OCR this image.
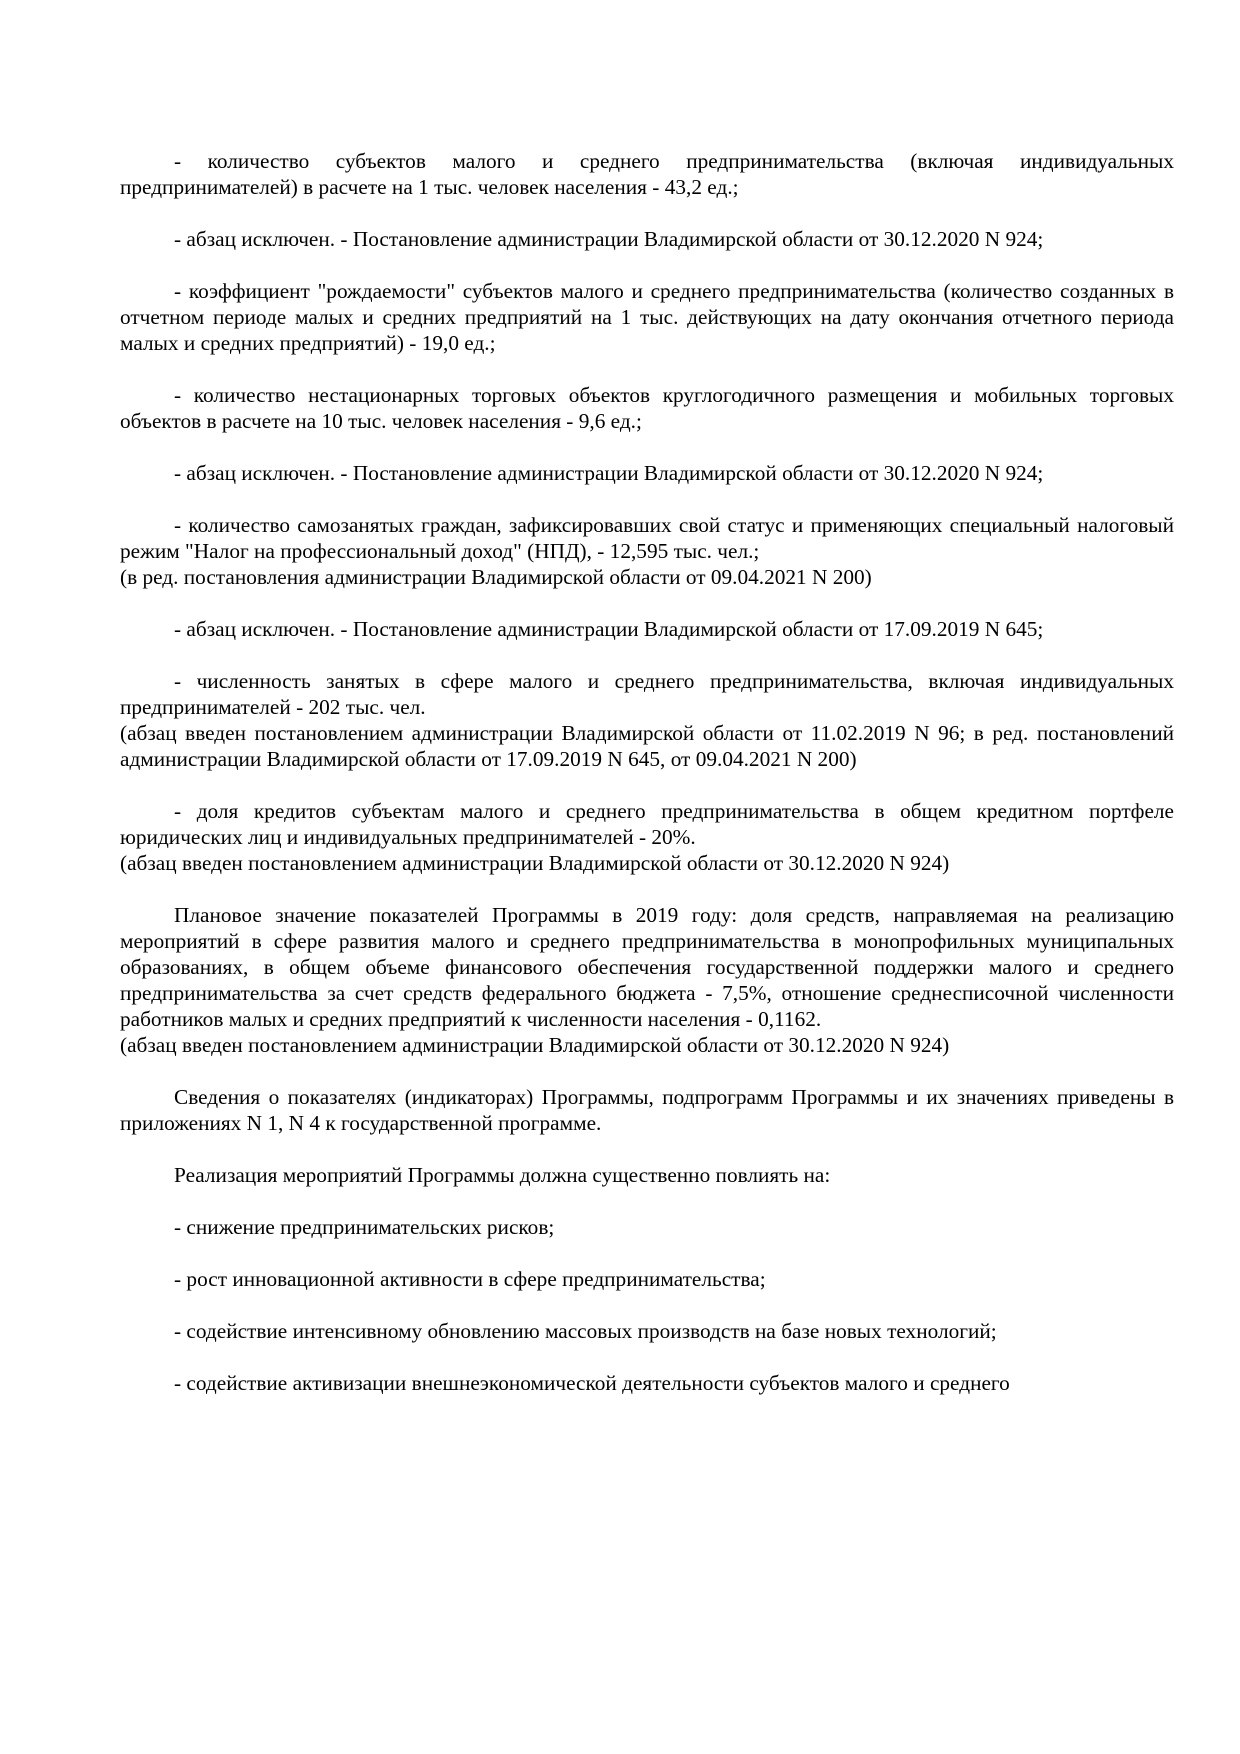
- количество субъектов малого и среднего предпринимательства (включая индивидуальных предпринимателей) в расчете на 1 тыс. человек населения - 43,2 ед.;

- абзац исключен. - Постановление администрации Владимирской области от 30.12.2020 N 924;

- коэффициент "рождаемости" субъектов малого и среднего предпринимательства (количество созданных в отчетном периоде малых и средних предприятий на 1 тыс. действующих на дату окончания отчетного периода малых и средних предприятий) - 19,0 ед.;

- количество нестационарных торговых объектов круглогодичного размещения и мобильных торговых объектов в расчете на 10 тыс. человек населения - 9,6 ед.;

- абзац исключен. - Постановление администрации Владимирской области от 30.12.2020 N 924;

- количество самозанятых граждан, зафиксировавших свой статус и применяющих специальный налоговый режим "Налог на профессиональный доход" (НПД), - 12,595 тыс. чел.;
(в ред. постановления администрации Владимирской области от 09.04.2021 N 200)

- абзац исключен. - Постановление администрации Владимирской области от 17.09.2019 N 645;

- численность занятых в сфере малого и среднего предпринимательства, включая индивидуальных предпринимателей - 202 тыс. чел.
(абзац введен постановлением администрации Владимирской области от 11.02.2019 N 96; в ред. постановлений администрации Владимирской области от 17.09.2019 N 645, от 09.04.2021 N 200)

- доля кредитов субъектам малого и среднего предпринимательства в общем кредитном портфеле юридических лиц и индивидуальных предпринимателей - 20%.
(абзац введен постановлением администрации Владимирской области от 30.12.2020 N 924)

Плановое значение показателей Программы в 2019 году: доля средств, направляемая на реализацию мероприятий в сфере развития малого и среднего предпринимательства в монопрофильных муниципальных образованиях, в общем объеме финансового обеспечения государственной поддержки малого и среднего предпринимательства за счет средств федерального бюджета - 7,5%, отношение среднесписочной численности работников малых и средних предприятий к численности населения - 0,1162.
(абзац введен постановлением администрации Владимирской области от 30.12.2020 N 924)

Сведения о показателях (индикаторах) Программы, подпрограмм Программы и их значениях приведены в приложениях N 1, N 4 к государственной программе.

Реализация мероприятий Программы должна существенно повлиять на:

- снижение предпринимательских рисков;

- рост инновационной активности в сфере предпринимательства;

- содействие интенсивному обновлению массовых производств на базе новых технологий;

- содействие активизации внешнеэкономической деятельности субъектов малого и среднего
